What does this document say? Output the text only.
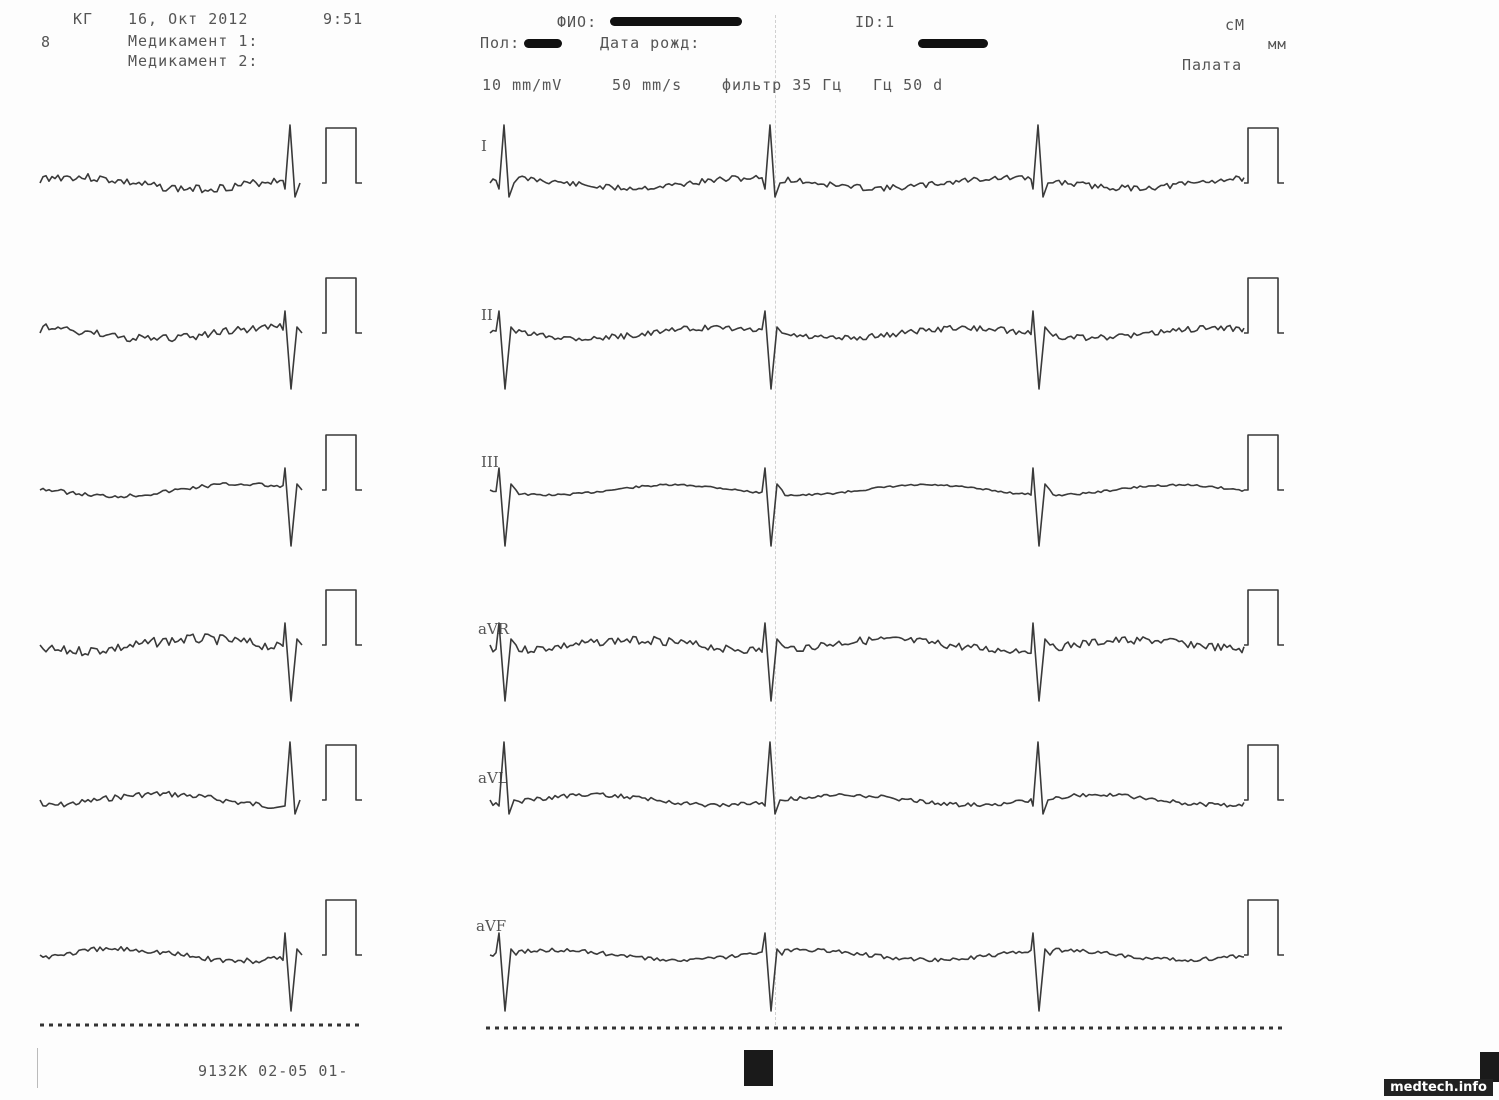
КГ 16, Окт 2012	9:51
8	Медикамент 1:
Медикамент 2:
ФИО:	ID:1	cM
Пол:	Дата рожд:	мм
Палата
10 mm/mV	50 mm/s	фильтр 35 Гц Гц 50 d
I
II
III
aVR
aVL
aVF
9132K 02-05 01-
medtech.info
